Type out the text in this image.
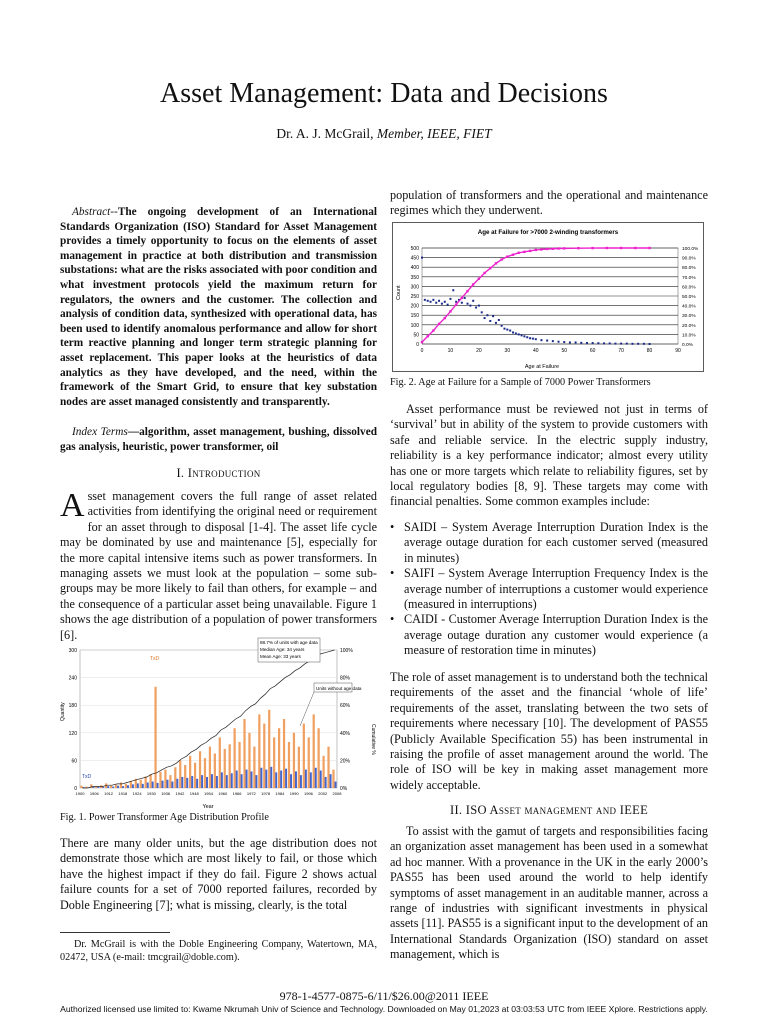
Asset Management: Data and Decisions
Dr. A. J. McGrail, Member, IEEE, FIET
Abstract--The ongoing development of an International Standards Organization (ISO) Standard for Asset Management provides a timely opportunity to focus on the elements of asset management in practice at both distribution and transmission substations: what are the risks associated with poor condition and what investment protocols yield the maximum return for regulators, the owners and the customer. The collection and analysis of condition data, synthesized with operational data, has been used to identify anomalous performance and allow for short term reactive planning and longer term strategic planning for asset replacement. This paper looks at the heuristics of data analytics as they have developed, and the need, within the framework of the Smart Grid, to ensure that key substation nodes are asset managed consistently and transparently.
Index Terms—algorithm, asset management, bushing, dissolved gas analysis, heuristic, power transformer, oil
I. Introduction
Asset management covers the full range of asset related activities from identifying the original need or requirement for an asset through to disposal [1-4]. The asset life cycle may be dominated by use and maintenance [5], especially for the more capital intensive items such as power transformers. In managing assets we must look at the population – some sub-groups may be more likely to fail than others, for example – and the consequence of a particular asset being unavailable. Figure 1 shows the age distribution of a population of power transformers [6].
300
240
180
120
60
0
100%
80%
60%
40%
20%
0%
1900 1906 1912 1918 1924 1930 1936 1942 1948 1954 1960 1966 1972 1978 1984 1990 1996 2002 2008
Quantity
Cumulative %
Year
88.7% of units with age data
Median Age: 34 years
Mean Age: 33 years
Units without age data
TxD
TxD
Fig. 1. Power Transformer Age Distribution Profile
There are many older units, but the age distribution does not demonstrate those which are most likely to fail, or those which have the highest impact if they do fail. Figure 2 shows actual failure counts for a set of 7000 reported failures, recorded by Doble Engineering [7]; what is missing, clearly, is the total
Dr. McGrail is with the Doble Engineering Company, Watertown, MA, 02472, USA (e-mail: tmcgrail@doble.com).
population of transformers and the operational and maintenance regimes which they underwent.
Age at Failure for >7000 2-winding transformers
500
450
400
350
300
250
200
150
100
50
0
100.0%
90.0%
80.0%
70.0%
60.0%
50.0%
40.0%
30.0%
20.0%
10.0%
0.0%
0	10	20	30	40	50	60	70	80	90
Count
Age at Failure
Fig. 2. Age at Failure for a Sample of 7000 Power Transformers
Asset performance must be reviewed not just in terms of ‘survival’ but in ability of the system to provide customers with safe and reliable service. In the electric supply industry, reliability is a key performance indicator; almost every utility has one or more targets which relate to reliability figures, set by local regulatory bodies [8, 9]. These targets may come with financial penalties. Some common examples include:
• SAIDI – System Average Interruption Duration Index is the average outage duration for each customer served (measured in minutes)
• SAIFI – System Average Interruption Frequency Index is the average number of interruptions a customer would experience (measured in interruptions)
• CAIDI - Customer Average Interruption Duration Index is the average outage duration any customer would experience (a measure of restoration time in minutes)
The role of asset management is to understand both the technical requirements of the asset and the financial ‘whole of life’ requirements of the asset, translating between the two sets of requirements where necessary [10]. The development of PAS55 (Publicly Available Specification 55) has been instrumental in raising the profile of asset management around the world. The role of ISO will be key in making asset management more widely acceptable.
II. ISO Asset management and IEEE
To assist with the gamut of targets and responsibilities facing an organization asset management has been used in a somewhat ad hoc manner. With a provenance in the UK in the early 2000’s PAS55 has been used around the world to help identify symptoms of asset management in an auditable manner, across a range of industries with significant investments in physical assets [11]. PAS55 is a significant input to the development of an International Standards Organization (ISO) standard on asset management, which is
978-1-4577-0875-6/11/$26.00@2011 IEEE
Authorized licensed use limited to: Kwame Nkrumah Univ of Science and Technology. Downloaded on May 01,2023 at 03:03:53 UTC from IEEE Xplore. Restrictions apply.
